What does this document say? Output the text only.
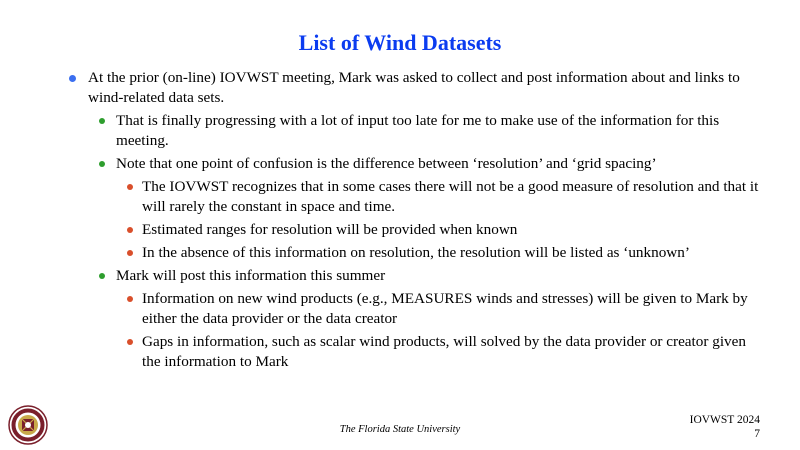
List of Wind Datasets
At the prior (on-line) IOVWST meeting, Mark was asked to collect and post information about and links to wind-related data sets.
That is finally progressing with a lot of input too late for me to make use of the information for this meeting.
Note that one point of confusion is the difference between ‘resolution’ and ‘grid spacing’
The IOVWST recognizes that in some cases there will not be a good measure of resolution and that it will rarely the constant in space and time.
Estimated ranges for resolution will be provided when known
In the absence of this information on resolution, the resolution will be listed as ‘unknown’
Mark will post this information this summer
Information on new wind products (e.g., MEASURES winds and stresses) will be given to Mark by either the data provider or the data creator
Gaps in information, such as scalar wind products, will solved by the data provider or creator given the information to Mark
The Florida State University
IOVWST 2024
7
